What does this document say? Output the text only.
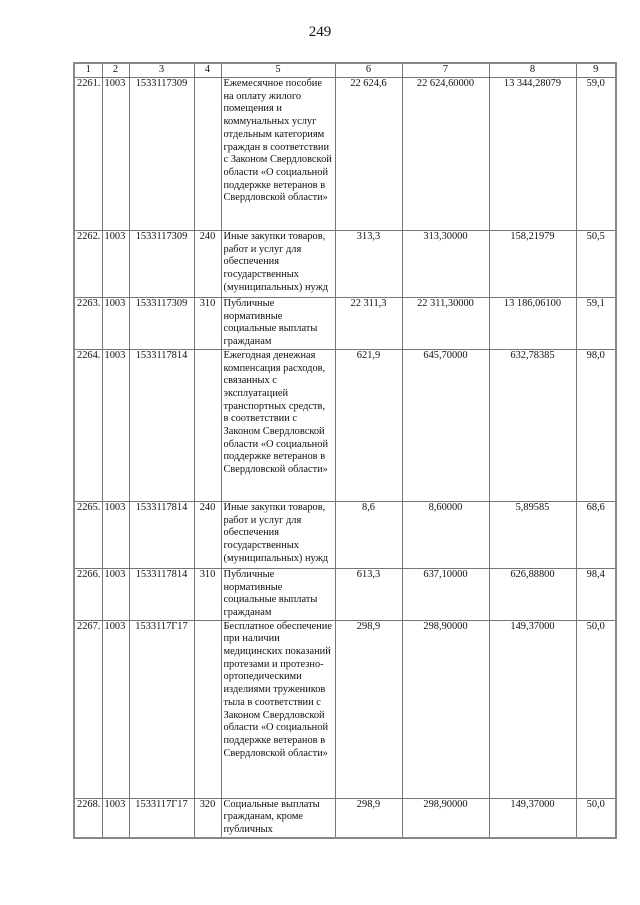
249
1	2	3	4	5	6	7	8	9
2261.	1003	1533117309		Ежемесячное пособие на оплату жилого помещения и коммунальных услуг отдельным категориям граждан в соответствии с Законом Свердловской области «О социальной поддержке ветеранов в Свердловской области»	22 624,6	22 624,60000	13 344,28079	59,0
2262.	1003	1533117309	240	Иные закупки товаров, работ и услуг для обеспечения государственных (муниципальных) нужд	313,3	313,30000	158,21979	50,5
2263.	1003	1533117309	310	Публичные нормативные социальные выплаты гражданам	22 311,3	22 311,30000	13 186,06100	59,1
2264.	1003	1533117814		Ежегодная денежная компенсация расходов, связанных с эксплуатацией транспортных средств, в соответствии с Законом Свердловской области «О социальной поддержке ветеранов в Свердловской области»	621,9	645,70000	632,78385	98,0
2265.	1003	1533117814	240	Иные закупки товаров, работ и услуг для обеспечения государственных (муниципальных) нужд	8,6	8,60000	5,89585	68,6
2266.	1003	1533117814	310	Публичные нормативные социальные выплаты гражданам	613,3	637,10000	626,88800	98,4
2267.	1003	1533117Г17		Бесплатное обеспечение при наличии медицинских показаний протезами и протезно-ортопедическими изделиями тружеников тыла в соответствии с Законом Свердловской области «О социальной поддержке ветеранов в Свердловской области»	298,9	298,90000	149,37000	50,0
2268.	1003	1533117Г17	320	Социальные выплаты гражданам, кроме публичных	298,9	298,90000	149,37000	50,0
